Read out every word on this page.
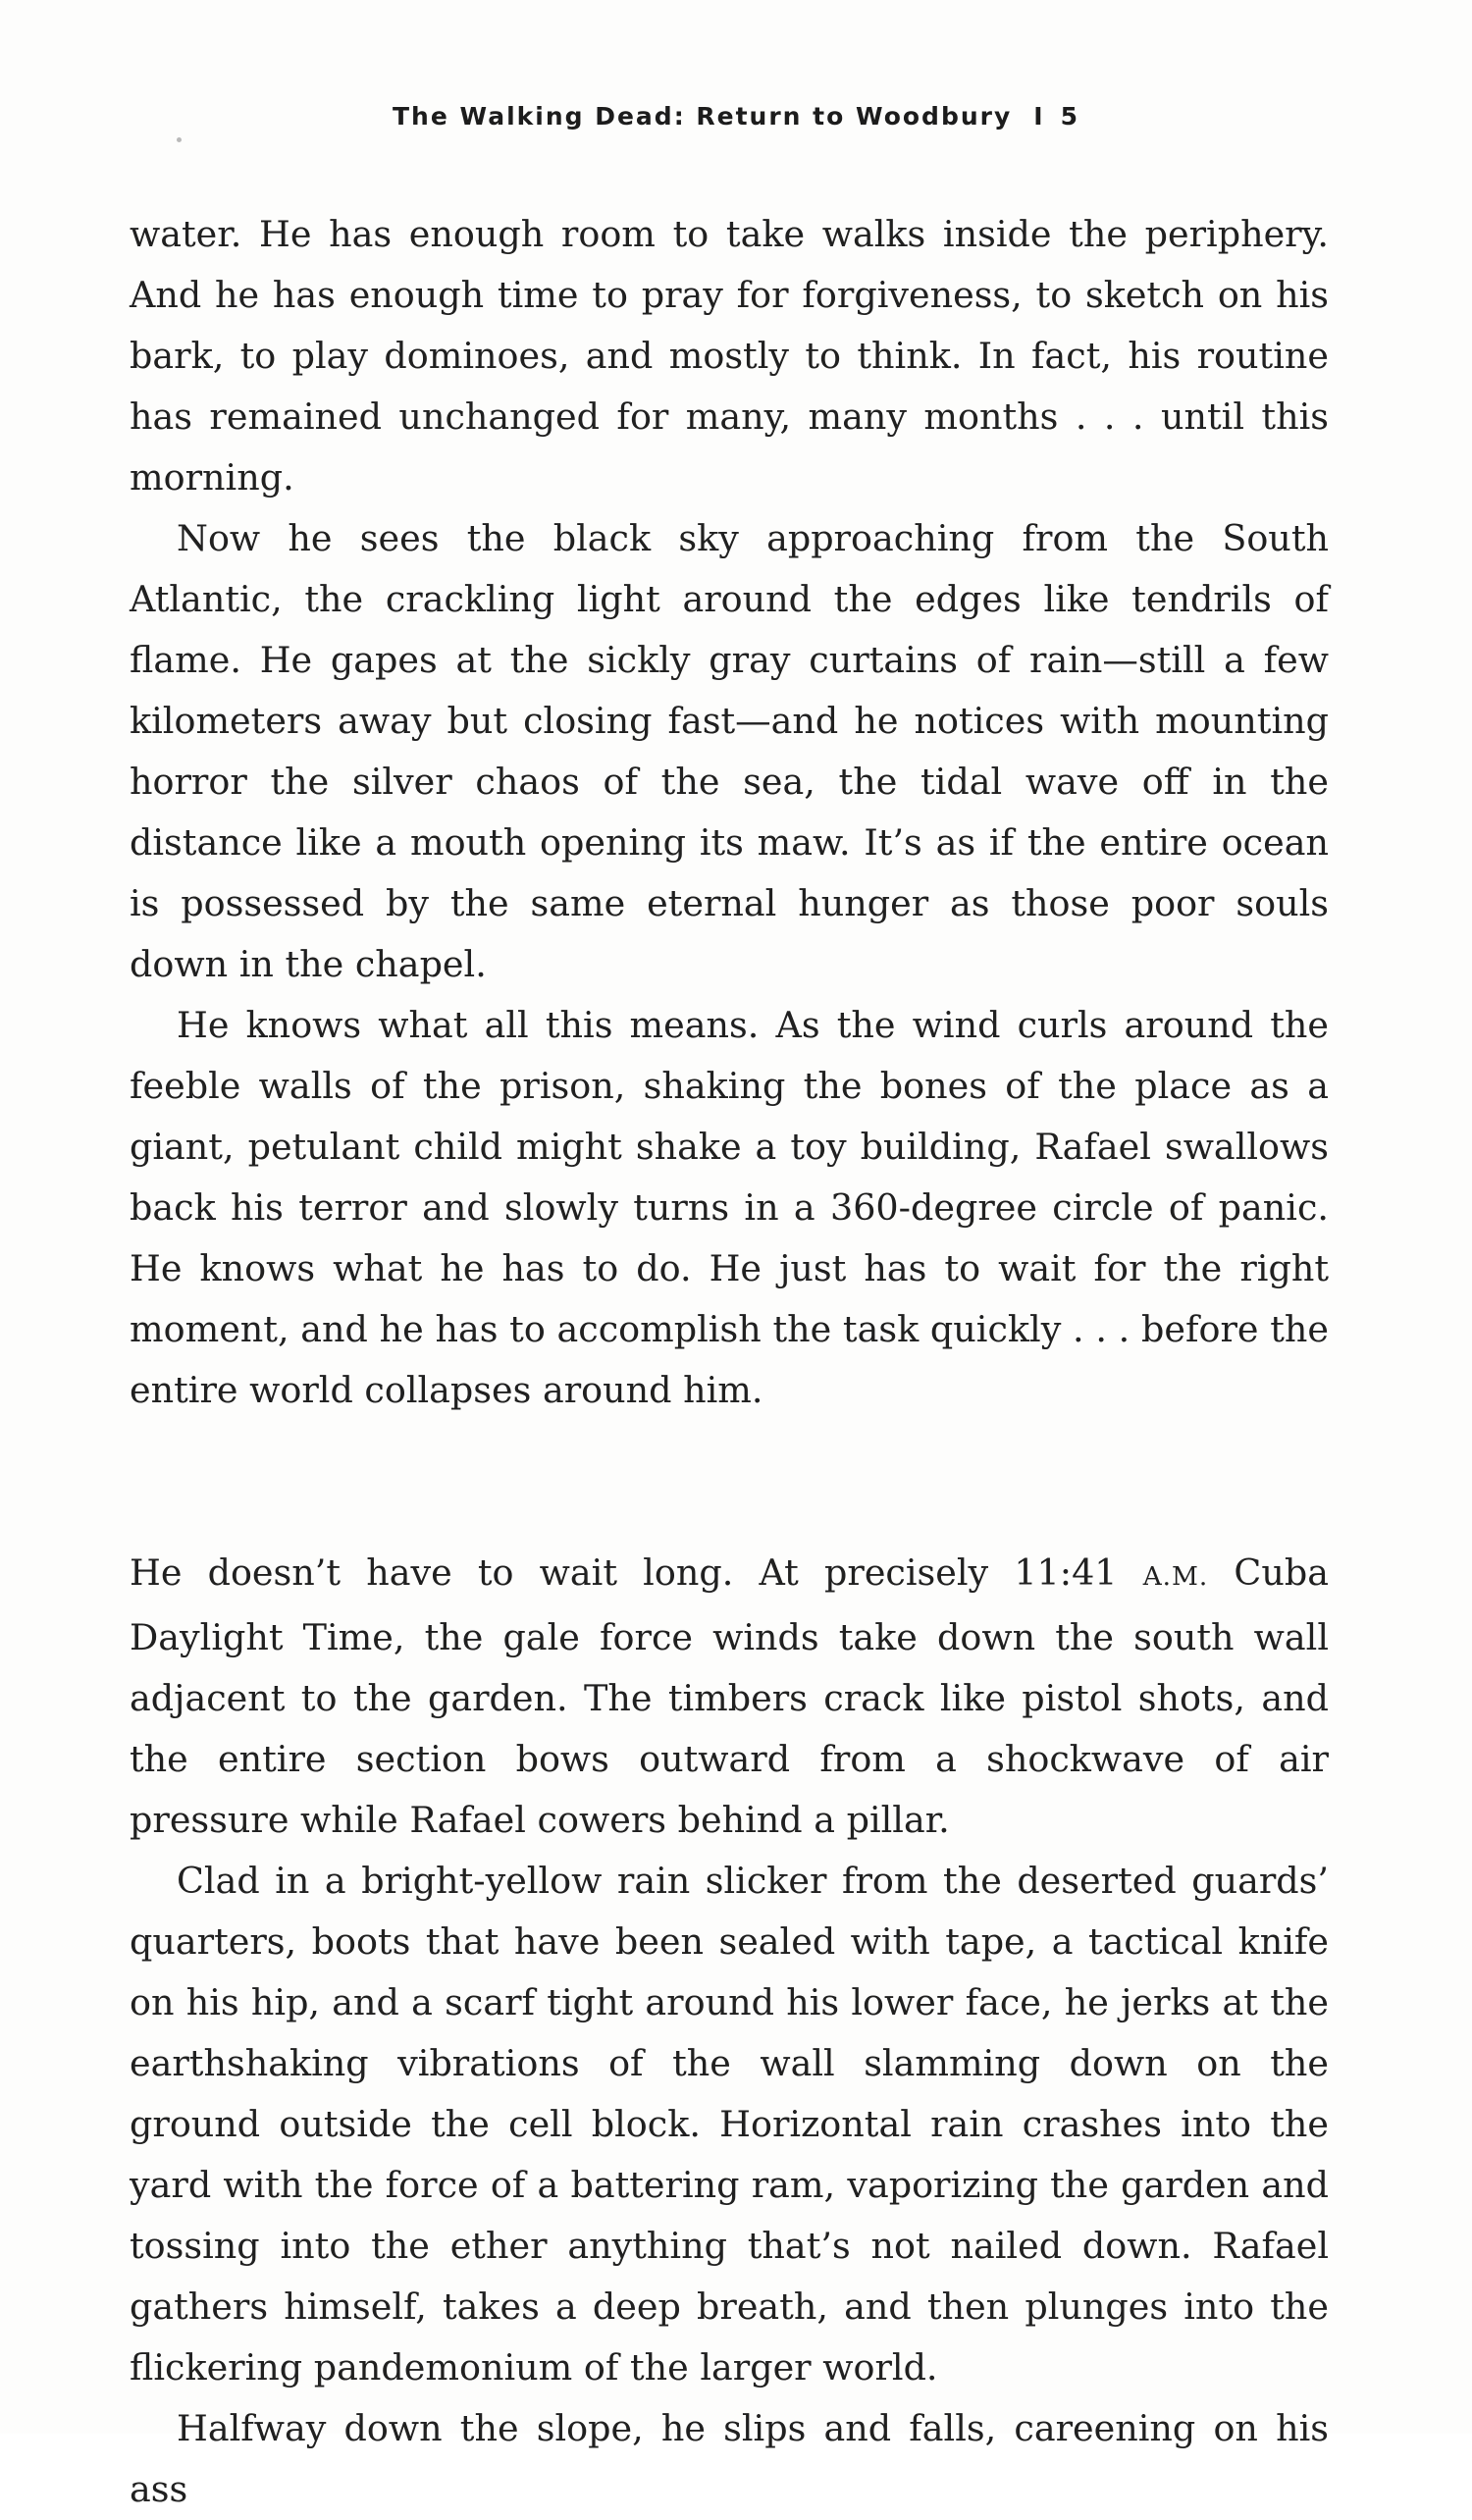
The Walking Dead: Return to Woodbury I 5

water. He has enough room to take walks inside the periphery. And he has enough time to pray for forgiveness, to sketch on his bark, to play dominoes, and mostly to think. In fact, his routine has remained unchanged for many, many months . . . until this morning.

Now he sees the black sky approaching from the South Atlantic, the crackling light around the edges like tendrils of flame. He gapes at the sickly gray curtains of rain—still a few kilometers away but closing fast—and he notices with mounting horror the silver chaos of the sea, the tidal wave off in the distance like a mouth opening its maw. It’s as if the entire ocean is possessed by the same eternal hunger as those poor souls down in the chapel.

He knows what all this means. As the wind curls around the feeble walls of the prison, shaking the bones of the place as a giant, petulant child might shake a toy building, Rafael swallows back his terror and slowly turns in a 360-degree circle of panic. He knows what he has to do. He just has to wait for the right moment, and he has to accomplish the task quickly . . . before the entire world collapses around him.

He doesn’t have to wait long. At precisely 11:41 A.M. Cuba Daylight Time, the gale force winds take down the south wall adjacent to the garden. The timbers crack like pistol shots, and the entire section bows outward from a shockwave of air pressure while Rafael cowers behind a pillar.

Clad in a bright-yellow rain slicker from the deserted guards’ quarters, boots that have been sealed with tape, a tactical knife on his hip, and a scarf tight around his lower face, he jerks at the earthshaking vibrations of the wall slamming down on the ground outside the cell block. Horizontal rain crashes into the yard with the force of a battering ram, vaporizing the garden and tossing into the ether anything that’s not nailed down. Rafael gathers himself, takes a deep breath, and then plunges into the flickering pandemonium of the larger world.

Halfway down the slope, he slips and falls, careening on his ass
